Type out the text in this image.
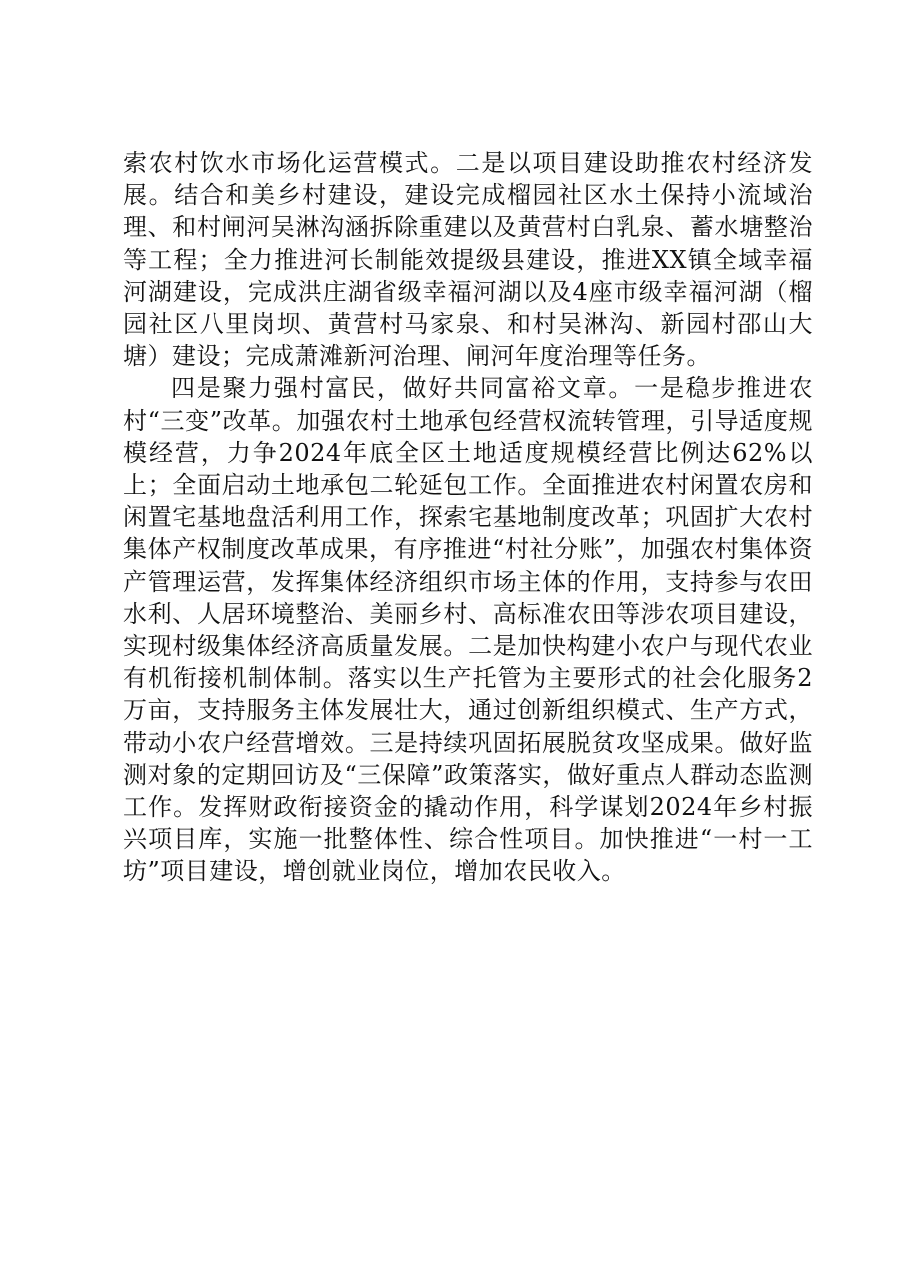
索农村饮水市场化运营模式。二是以项目建设助推农村经济发展。结合和美乡村建设，建设完成榴园社区水土保持小流域治理、和村闸河吴淋沟涵拆除重建以及黄营村白乳泉、蓄水塘整治等工程；全力推进河长制能效提级县建设，推进XX镇全域幸福河湖建设，完成洪庄湖省级幸福河湖以及4座市级幸福河湖（榴园社区八里岗坝、黄营村马家泉、和村吴淋沟、新园村邵山大塘）建设；完成萧滩新河治理、闸河年度治理等任务。

四是聚力强村富民，做好共同富裕文章。一是稳步推进农村“三变”改革。加强农村土地承包经营权流转管理，引导适度规模经营，力争2024年底全区土地适度规模经营比例达62%以上；全面启动土地承包二轮延包工作。全面推进农村闲置农房和闲置宅基地盘活利用工作，探索宅基地制度改革；巩固扩大农村集体产权制度改革成果，有序推进“村社分账”，加强农村集体资产管理运营，发挥集体经济组织市场主体的作用，支持参与农田水利、人居环境整治、美丽乡村、高标准农田等涉农项目建设，实现村级集体经济高质量发展。二是加快构建小农户与现代农业有机衔接机制体制。落实以生产托管为主要形式的社会化服务2万亩，支持服务主体发展壮大，通过创新组织模式、生产方式，带动小农户经营增效。三是持续巩固拓展脱贫攻坚成果。做好监测对象的定期回访及“三保障”政策落实，做好重点人群动态监测工作。发挥财政衔接资金的撬动作用，科学谋划2024年乡村振兴项目库，实施一批整体性、综合性项目。加快推进“一村一工坊”项目建设，增创就业岗位，增加农民收入。
